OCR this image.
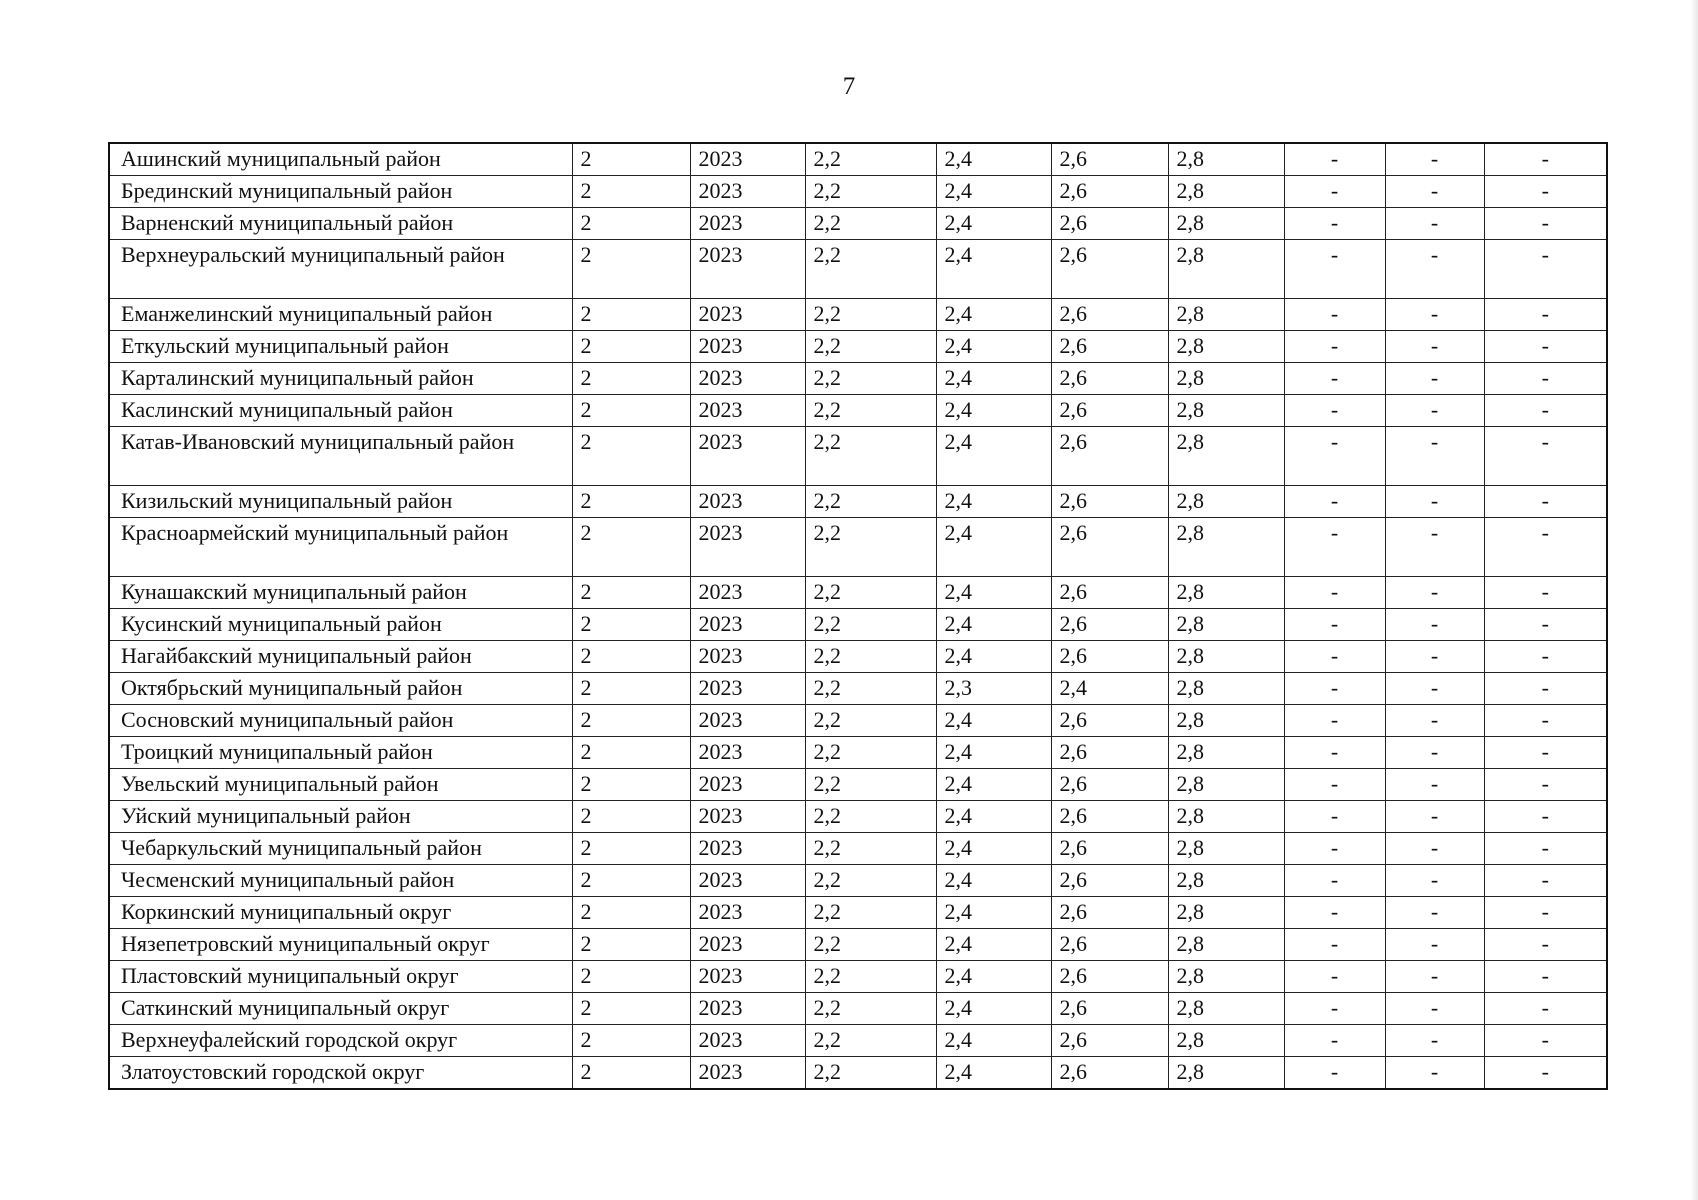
7
Ашинский муниципальный район	2	2023	2,2	2,4	2,6	2,8	-	-	-
Брединский муниципальный район	2	2023	2,2	2,4	2,6	2,8	-	-	-
Варненский муниципальный район	2	2023	2,2	2,4	2,6	2,8	-	-	-
Верхнеуральский муниципальный район	2	2023	2,2	2,4	2,6	2,8	-	-	-
Еманжелинский муниципальный район	2	2023	2,2	2,4	2,6	2,8	-	-	-
Еткульский муниципальный район	2	2023	2,2	2,4	2,6	2,8	-	-	-
Карталинский муниципальный район	2	2023	2,2	2,4	2,6	2,8	-	-	-
Каслинский муниципальный район	2	2023	2,2	2,4	2,6	2,8	-	-	-
Катав-Ивановский муниципальный район	2	2023	2,2	2,4	2,6	2,8	-	-	-
Кизильский муниципальный район	2	2023	2,2	2,4	2,6	2,8	-	-	-
Красноармейский муниципальный район	2	2023	2,2	2,4	2,6	2,8	-	-	-
Кунашакский муниципальный район	2	2023	2,2	2,4	2,6	2,8	-	-	-
Кусинский муниципальный район	2	2023	2,2	2,4	2,6	2,8	-	-	-
Нагайбакский муниципальный район	2	2023	2,2	2,4	2,6	2,8	-	-	-
Октябрьский муниципальный район	2	2023	2,2	2,3	2,4	2,8	-	-	-
Сосновский муниципальный район	2	2023	2,2	2,4	2,6	2,8	-	-	-
Троицкий муниципальный район	2	2023	2,2	2,4	2,6	2,8	-	-	-
Увельский муниципальный район	2	2023	2,2	2,4	2,6	2,8	-	-	-
Уйский муниципальный район	2	2023	2,2	2,4	2,6	2,8	-	-	-
Чебаркульский муниципальный район	2	2023	2,2	2,4	2,6	2,8	-	-	-
Чесменский муниципальный район	2	2023	2,2	2,4	2,6	2,8	-	-	-
Коркинский муниципальный округ	2	2023	2,2	2,4	2,6	2,8	-	-	-
Нязепетровский муниципальный округ	2	2023	2,2	2,4	2,6	2,8	-	-	-
Пластовский муниципальный округ	2	2023	2,2	2,4	2,6	2,8	-	-	-
Саткинский муниципальный округ	2	2023	2,2	2,4	2,6	2,8	-	-	-
Верхнеуфалейский городской округ	2	2023	2,2	2,4	2,6	2,8	-	-	-
Златоустовский городской округ	2	2023	2,2	2,4	2,6	2,8	-	-	-
